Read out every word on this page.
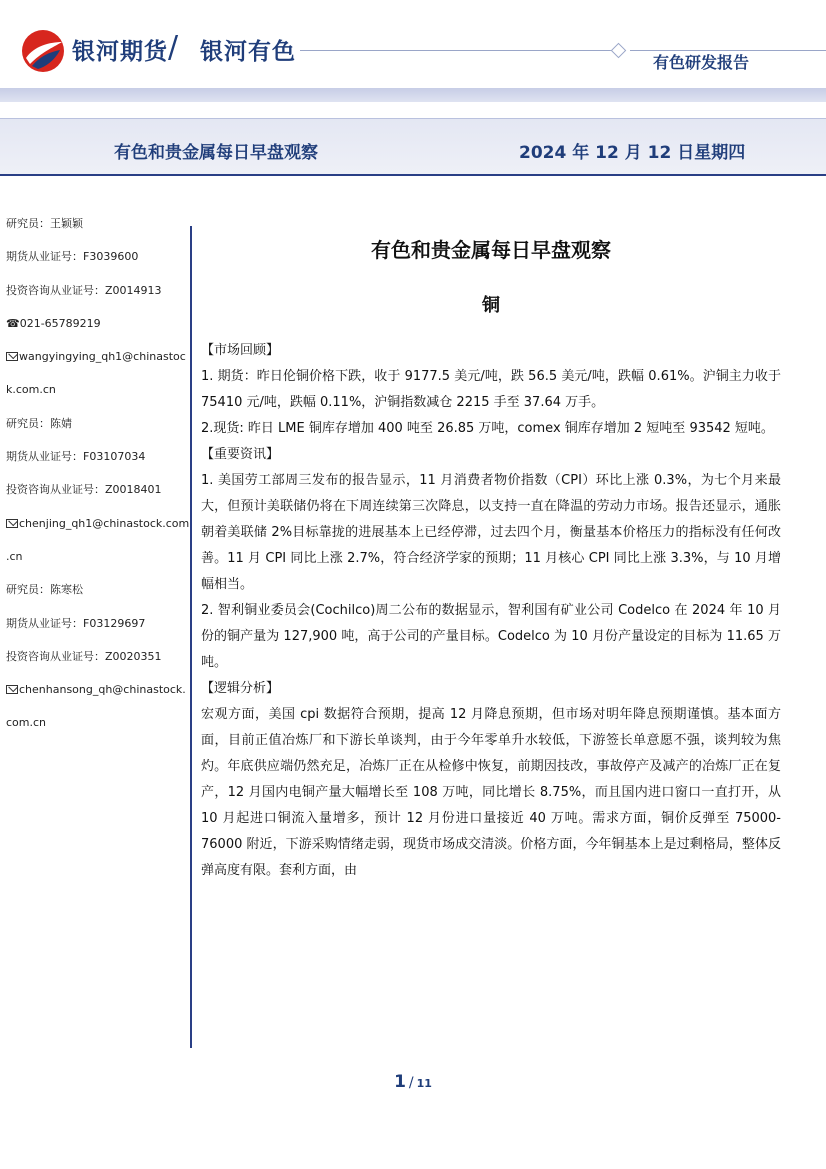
银河期货 / 银河有色	有色研发报告
有色和贵金属每日早盘观察	2024 年 12 月 12 日星期四
研究员：王颖颖
期货从业证号：F3039600
投资咨询从业证号：Z0014913
☎021-65789219
wangyingying_qh1@chinastoc
k.com.cn
研究员：陈婧
期货从业证号：F03107034
投资咨询从业证号：Z0018401
chenjing_qh1@chinastock.com
.cn
研究员：陈寒松
期货从业证号：F03129697
投资咨询从业证号：Z0020351
chenhansong_qh@chinastock.
com.cn
有色和贵金属每日早盘观察
铜

【市场回顾】

1. 期货：昨日伦铜价格下跌，收于 9177.5 美元/吨，跌 56.5 美元/吨，跌幅 0.61%。沪铜主力收于 75410 元/吨，跌幅 0.11%，沪铜指数减仓 2215 手至 37.64 万手。

2.现货: 昨日 LME 铜库存增加 400 吨至 26.85 万吨，comex 铜库存增加 2 短吨至 93542 短吨。

【重要资讯】

1. 美国劳工部周三发布的报告显示，11 月消费者物价指数（CPI）环比上涨 0.3%，为七个月来最大，但预计美联储仍将在下周连续第三次降息，以支持一直在降温的劳动力市场。报告还显示，通胀朝着美联储 2%目标靠拢的进展基本上已经停滞，过去四个月，衡量基本价格压力的指标没有任何改善。11 月 CPI 同比上涨 2.7%，符合经济学家的预期；11 月核心 CPI 同比上涨 3.3%，与 10 月增幅相当。

2. 智利铜业委员会(Cochilco)周二公布的数据显示，智利国有矿业公司 Codelco 在 2024 年 10 月份的铜产量为 127,900 吨，高于公司的产量目标。Codelco 为 10 月份产量设定的目标为 11.65 万吨。

【逻辑分析】

宏观方面，美国 cpi 数据符合预期，提高 12 月降息预期，但市场对明年降息预期谨慎。基本面方面，目前正值冶炼厂和下游长单谈判，由于今年零单升水较低，下游签长单意愿不强，谈判较为焦灼。年底供应端仍然充足，冶炼厂正在从检修中恢复，前期因技改，事故停产及减产的冶炼厂正在复产，12 月国内电铜产量大幅增长至 108 万吨，同比增长 8.75%，而且国内进口窗口一直打开，从 10 月起进口铜流入量增多，预计 12 月份进口量接近 40 万吨。需求方面，铜价反弹至 75000-76000 附近，下游采购情绪走弱，现货市场成交清淡。价格方面，今年铜基本上是过剩格局，整体反弹高度有限。套利方面，由

1 / 11
